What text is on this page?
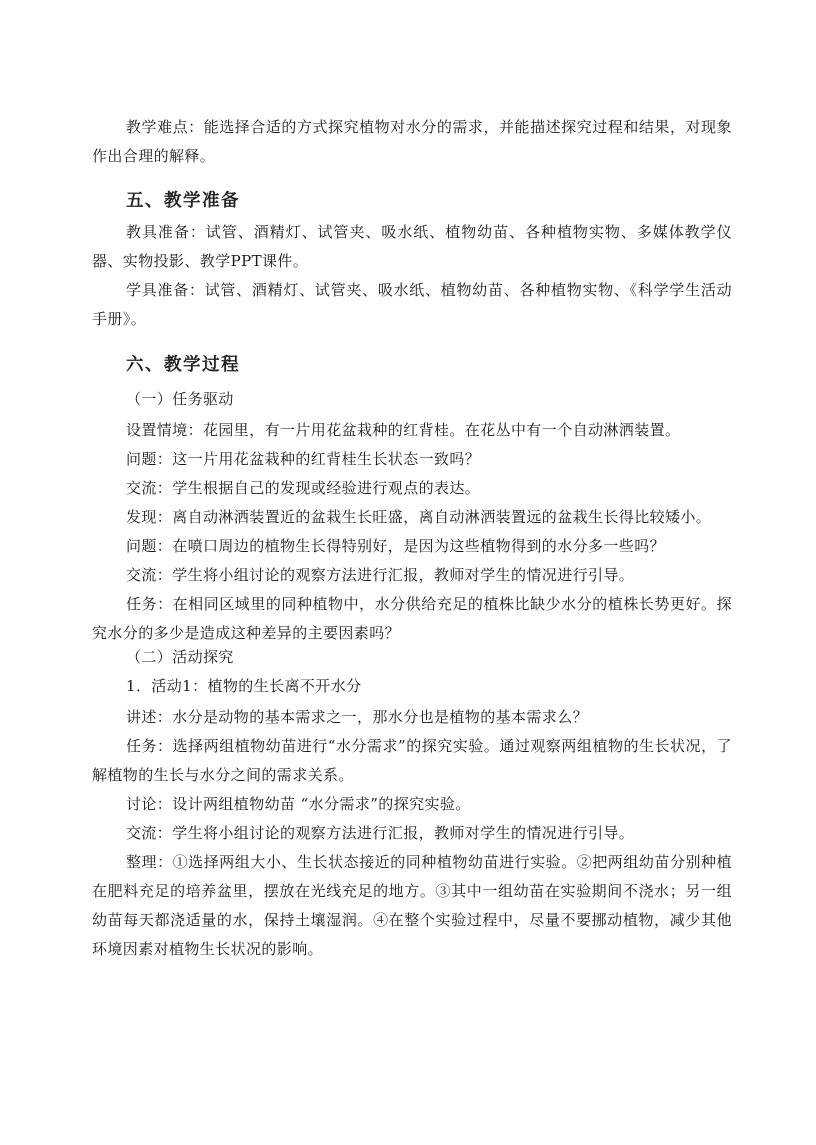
教学难点：能选择合适的方式探究植物对水分的需求，并能描述探究过程和结果，对现象作出合理的解释。

五、教学准备

教具准备：试管、酒精灯、试管夹、吸水纸、植物幼苗、各种植物实物、多媒体教学仪器、实物投影、教学PPT课件。

学具准备：试管、酒精灯、试管夹、吸水纸、植物幼苗、各种植物实物、《科学学生活动手册》。

六、教学过程

（一）任务驱动

设置情境：花园里，有一片用花盆栽种的红背桂。在花丛中有一个自动淋洒装置。

问题：这一片用花盆栽种的红背桂生长状态一致吗？

交流：学生根据自己的发现或经验进行观点的表达。

发现：离自动淋洒装置近的盆栽生长旺盛，离自动淋洒装置远的盆栽生长得比较矮小。

问题：在喷口周边的植物生长得特别好，是因为这些植物得到的水分多一些吗？

交流：学生将小组讨论的观察方法进行汇报，教师对学生的情况进行引导。

任务：在相同区域里的同种植物中，水分供给充足的植株比缺少水分的植株长势更好。探究水分的多少是造成这种差异的主要因素吗？

（二）活动探究

1．活动1：植物的生长离不开水分

讲述：水分是动物的基本需求之一，那水分也是植物的基本需求么？

任务：选择两组植物幼苗进行“水分需求”的探究实验。通过观察两组植物的生长状况，了解植物的生长与水分之间的需求关系。

讨论：设计两组植物幼苗 “水分需求”的探究实验。

交流：学生将小组讨论的观察方法进行汇报，教师对学生的情况进行引导。

整理：①选择两组大小、生长状态接近的同种植物幼苗进行实验。②把两组幼苗分别种植在肥料充足的培养盆里，摆放在光线充足的地方。③其中一组幼苗在实验期间不浇水；另一组幼苗每天都浇适量的水，保持土壤湿润。④在整个实验过程中，尽量不要挪动植物，减少其他环境因素对植物生长状况的影响。
